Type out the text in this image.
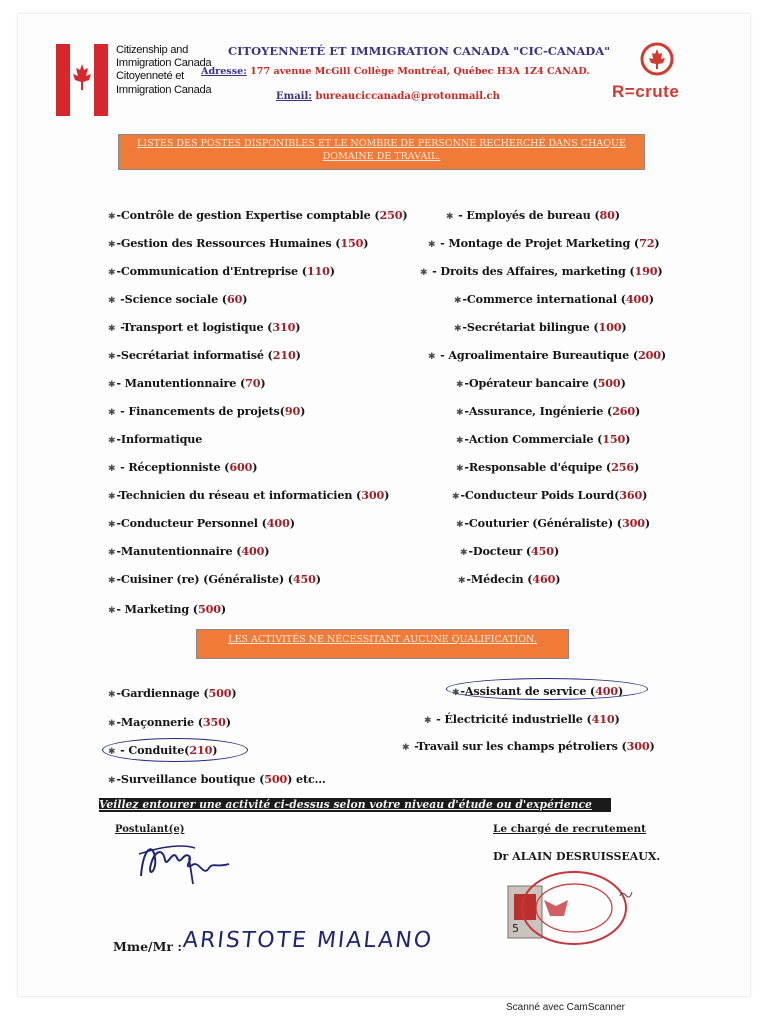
Citizenship and
Immigration Canada
Citoyenneté et
Immigration Canada
CITOYENNETÉ ET IMMIGRATION CANADA "CIC-CANADA"
Adresse: 177 avenue McGill Collège Montréal, Québec H3A 1Z4 CANAD.
Email: bureauciccanada@protonmail.ch	R=crute
LISTES DES POSTES DISPONIBLES ET LE NOMBRE DE PERSONNE RECHERCHÉ DANS CHAQUE
DOMAINE DE TRAVAIL.
✱-Contrôle de gestion Expertise comptable (250)
✱-Gestion des Ressources Humaines (150)
✱-Communication d'Entreprise (110)
✱ -Science sociale (60)
✱ -Transport et logistique (310)
✱-Secrétariat informatisé (210)
✱- Manutentionnaire (70)
✱ - Financements de projets(90)
✱-Informatique
✱ - Réceptionniste (600)
✱-Technicien du réseau et informaticien (300)
✱-Conducteur Personnel (400)
✱-Manutentionnaire (400)
✱-Cuisiner (re) (Généraliste) (450)
✱- Marketing (500)
✱ - Employés de bureau (80)
✱ - Montage de Projet Marketing (72)
✱ - Droits des Affaires, marketing (190)
✱-Commerce international (400)
✱-Secrétariat bilingue (100)
✱ - Agroalimentaire Bureautique (200)
✱-Opérateur bancaire (500)
✱-Assurance, Ingénierie (260)
✱-Action Commerciale (150)
✱-Responsable d'équipe (256)
✱-Conducteur Poids Lourd(360)
✱-Couturier (Généraliste) (300)
✱-Docteur (450)
✱-Médecin (460)
LES ACTIVITÉS NE NÉCESSITANT AUCUNE QUALIFICATION.
✱-Gardiennage (500)
✱-Maçonnerie (350)
✱ - Conduite(210)
✱-Surveillance boutique (500) etc…
✱-Assistant de service (400)
✱ - Électricité industrielle (410)
✱ -Travail sur les champs pétroliers (300)
Veillez entourer une activité ci-dessus selon votre niveau d'étude ou d'expérience
Postulant(e)	Le chargé de recrutement
Dr ALAIN DESRUISSEAUX.
5
Mme/Mr : ARISTOTE MIALANO
Scanné avec CamScanner
